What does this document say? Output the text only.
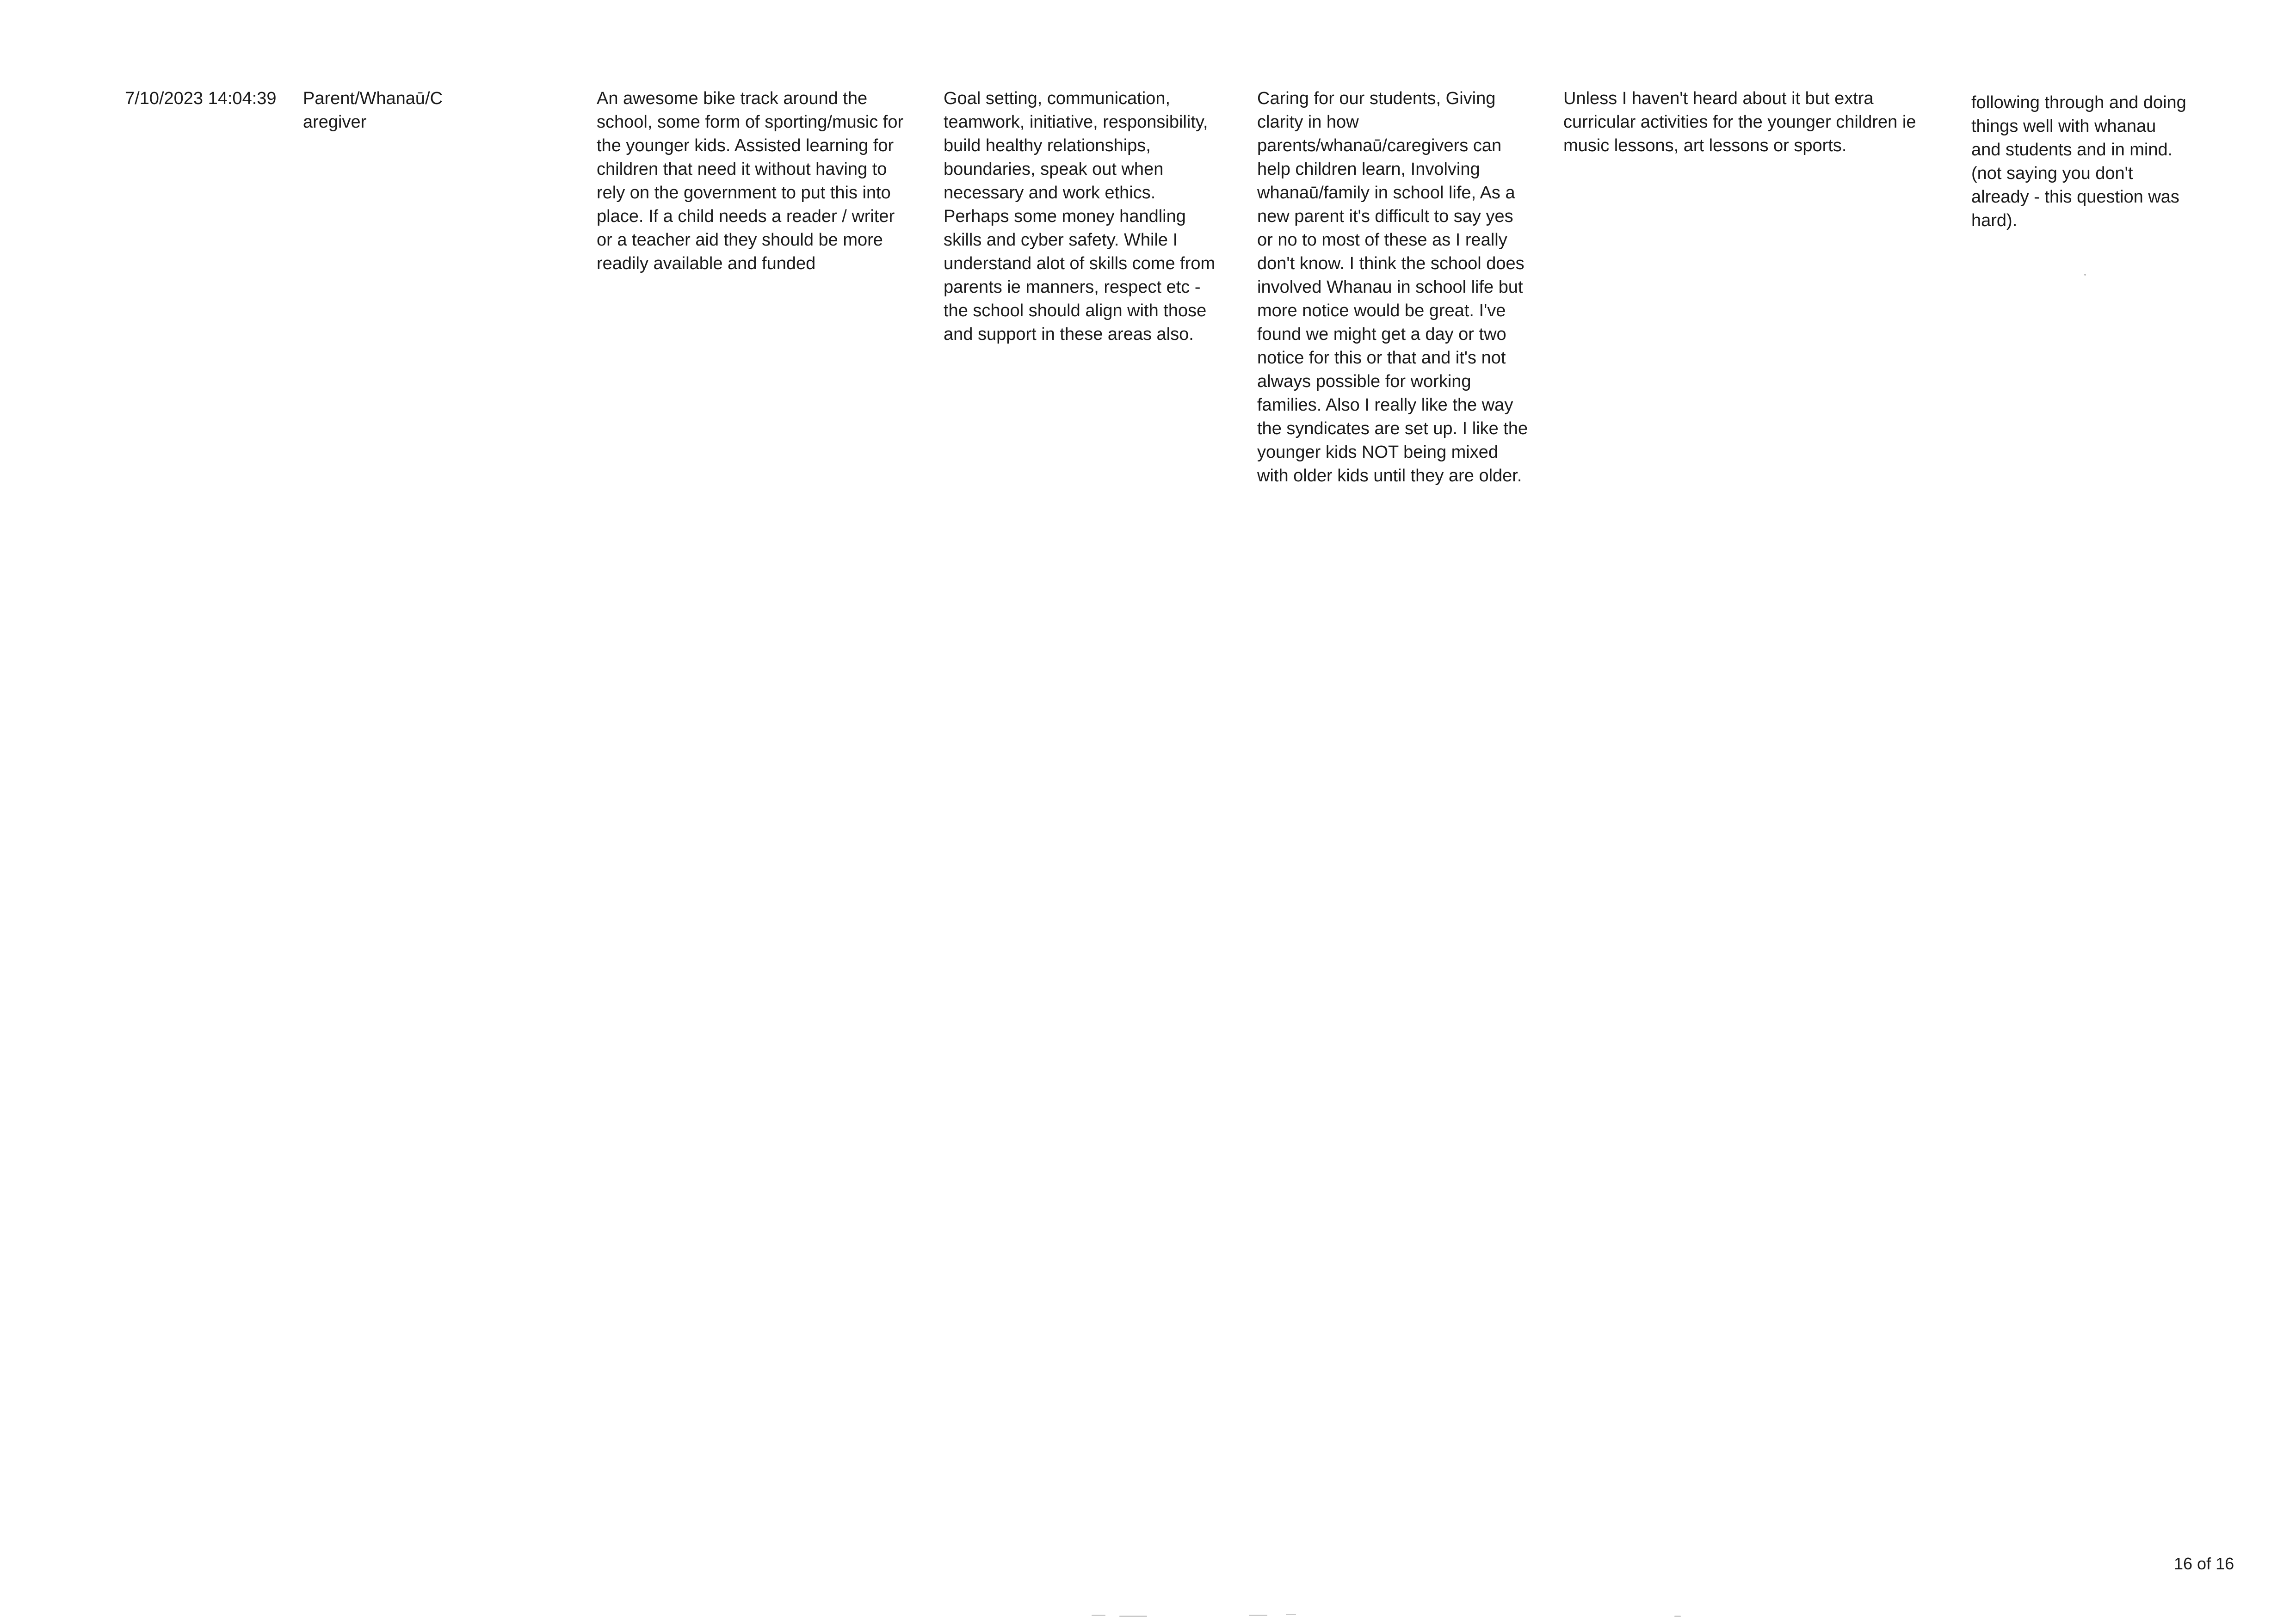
7/10/2023 14:04:39	Parent/Whanaū/C
aregiver
An awesome bike track around the
school, some form of sporting/music for
the younger kids. Assisted learning for
children that need it without having to
rely on the government to put this into
place. If a child needs a reader / writer
or a teacher aid they should be more
readily available and funded
Goal setting, communication,
teamwork, initiative, responsibility,
build healthy relationships,
boundaries, speak out when
necessary and work ethics.
Perhaps some money handling
skills and cyber safety. While I
understand alot of skills come from
parents ie manners, respect etc -
the school should align with those
and support in these areas also.
Caring for our students, Giving
clarity in how
parents/whanaū/caregivers can
help children learn, Involving
whanaū/family in school life, As a
new parent it's difficult to say yes
or no to most of these as I really
don't know. I think the school does
involved Whanau in school life but
more notice would be great. I've
found we might get a day or two
notice for this or that and it's not
always possible for working
families. Also I really like the way
the syndicates are set up. I like the
younger kids NOT being mixed
with older kids until they are older.
Unless I haven't heard about it but extra
curricular activities for the younger children ie
music lessons, art lessons or sports.
following through and doing
things well with whanau
and students and in mind.
(not saying you don't
already - this question was
hard).
16 of 16
